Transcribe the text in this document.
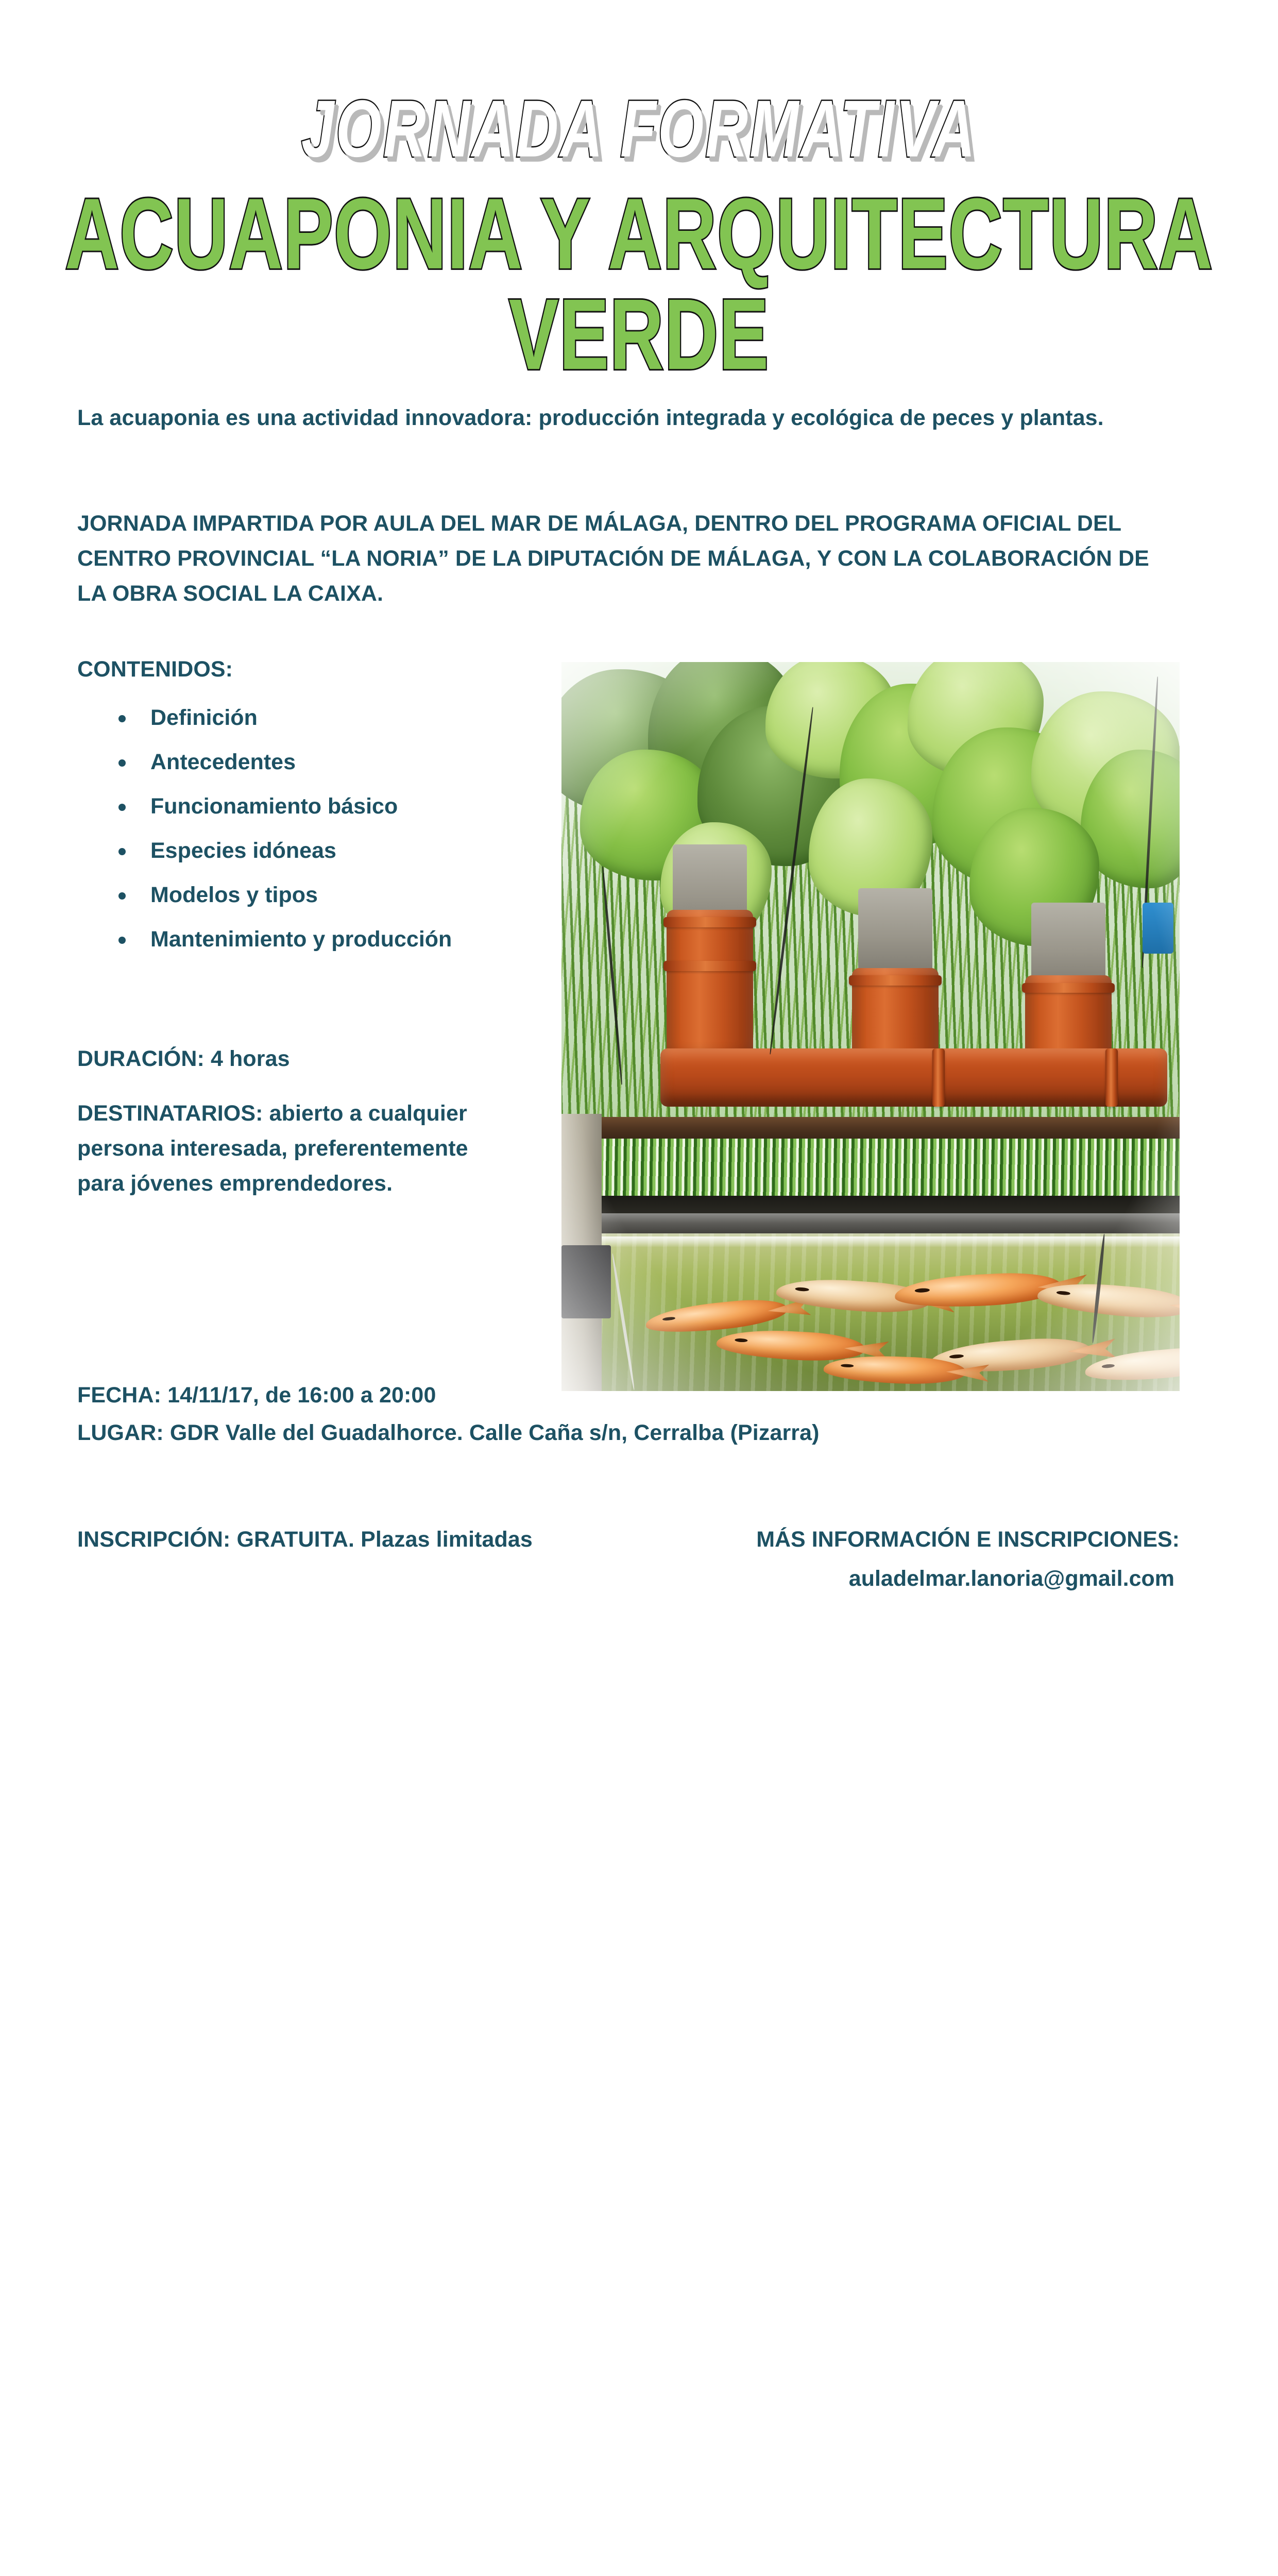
JORNADA FORMATIVA
ACUAPONIA Y ARQUITECTURA VERDE
La acuaponia es una actividad innovadora: producción integrada y ecológica de peces y plantas.
JORNADA IMPARTIDA POR AULA DEL MAR DE MÁLAGA, DENTRO DEL PROGRAMA OFICIAL DEL CENTRO PROVINCIAL “LA NORIA” DE LA DIPUTACIÓN DE MÁLAGA, Y CON LA COLABORACIÓN DE LA OBRA SOCIAL LA CAIXA.
CONTENIDOS:
Definición
Antecedentes
Funcionamiento básico
Especies idóneas
Modelos y tipos
Mantenimiento y producción
DURACIÓN: 4 horas
DESTINATARIOS: abierto a cualquier persona interesada, preferentemente para jóvenes emprendedores.
FECHA: 14/11/17, de 16:00 a 20:00
LUGAR: GDR Valle del Guadalhorce. Calle Caña s/n, Cerralba (Pizarra)
INSCRIPCIÓN: GRATUITA. Plazas limitadas	MÁS INFORMACIÓN E INSCRIPCIONES:
auladelmar.lanoria@gmail.com
